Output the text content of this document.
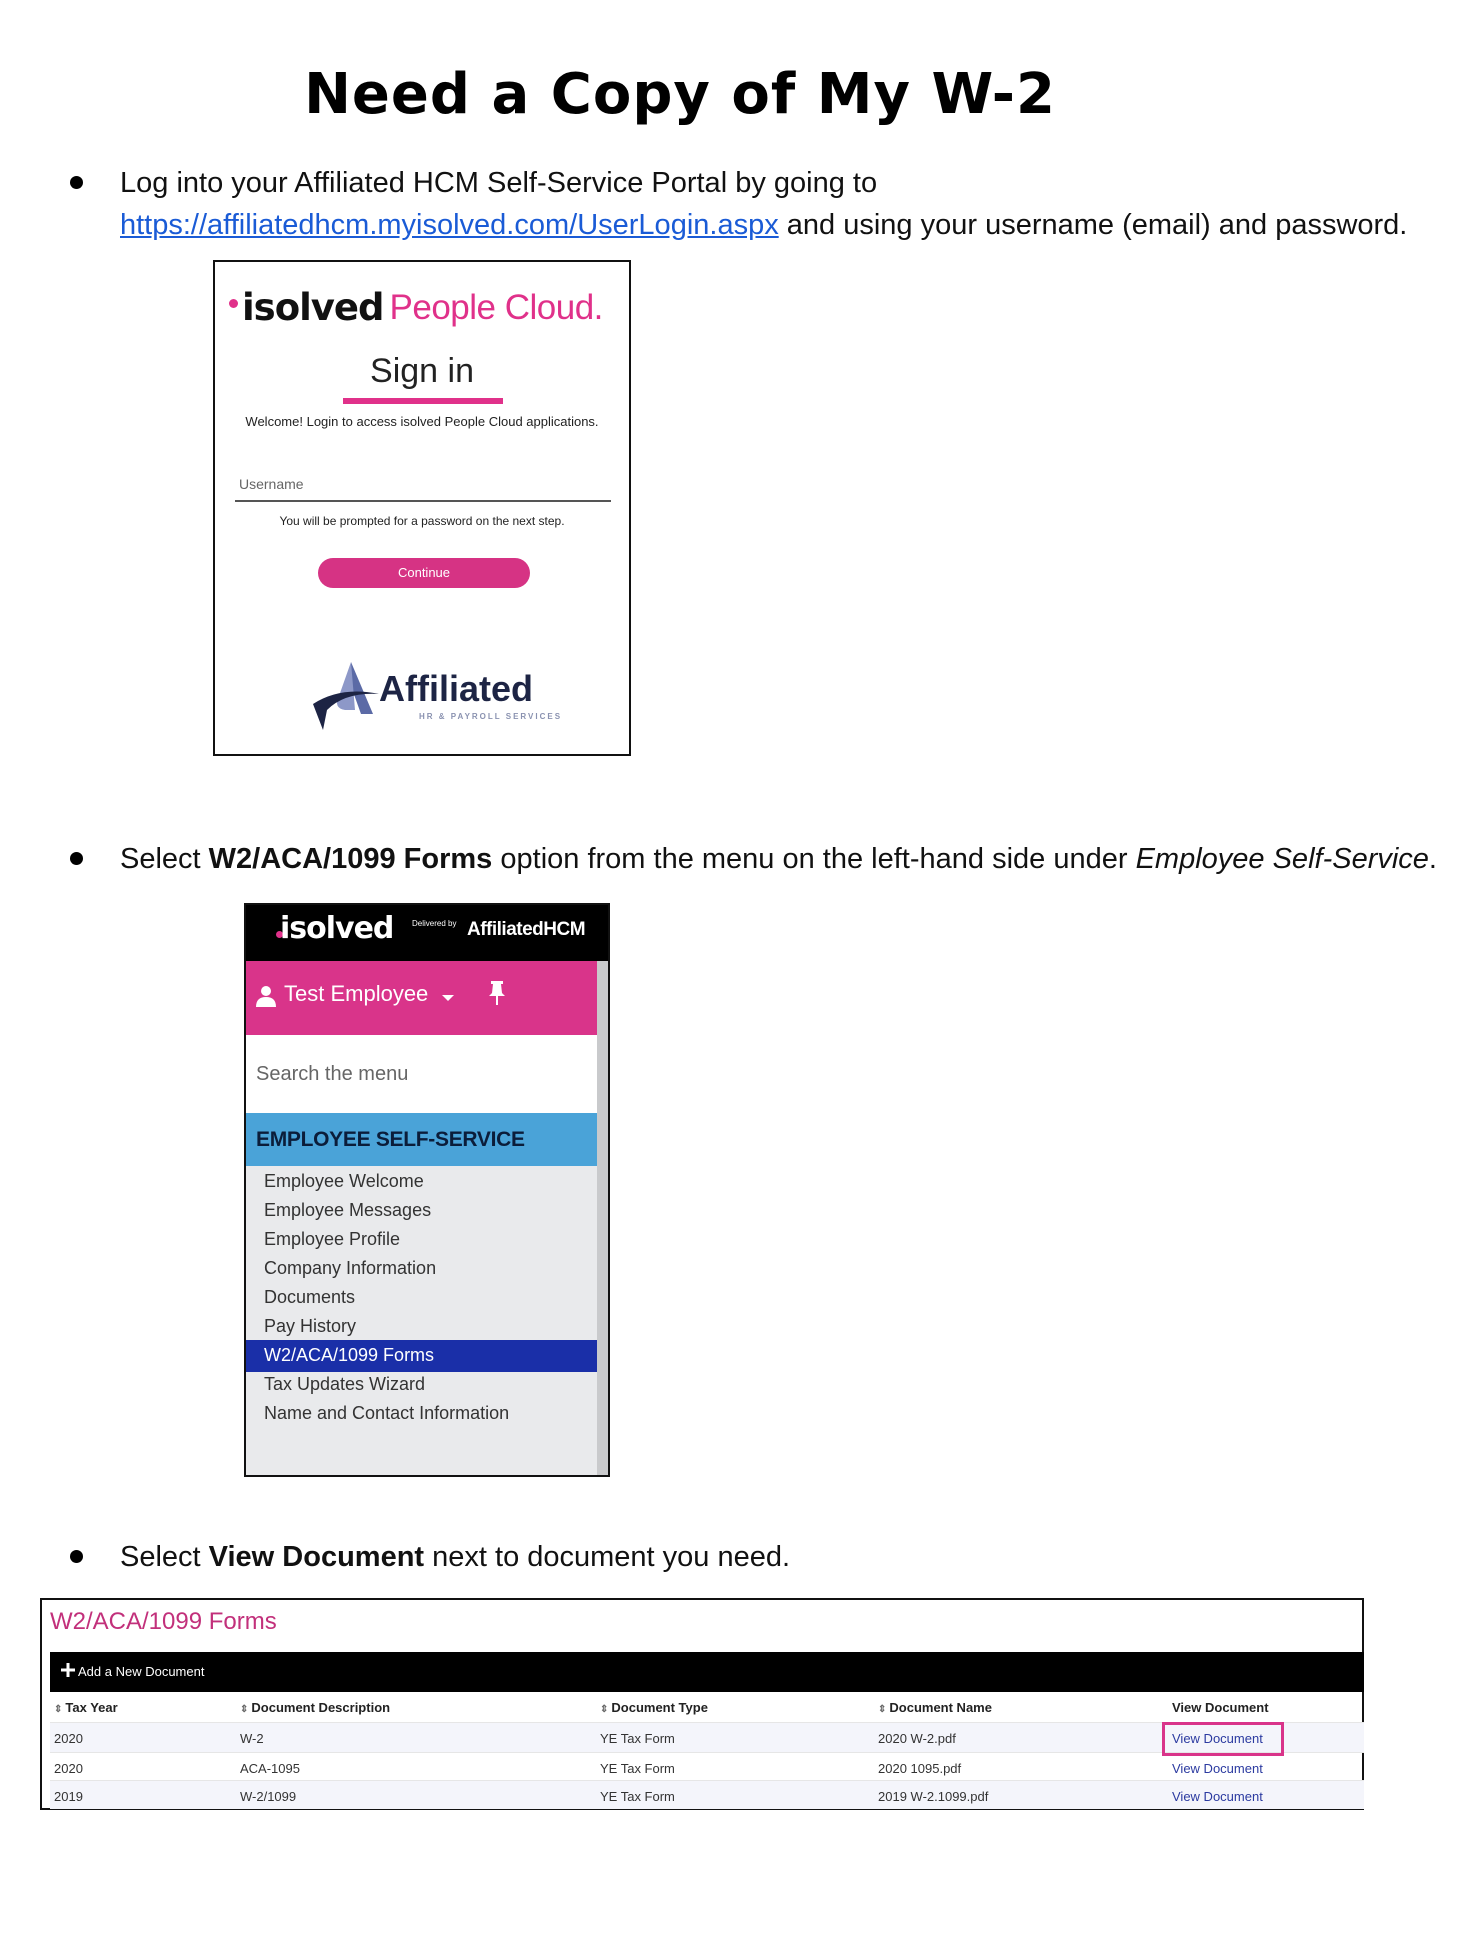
Need a Copy of My W-2
Log into your Affiliated HCM Self-Service Portal by going to
https://affiliatedhcm.myisolved.com/UserLogin.aspx and using your username (email) and password.
isolved People Cloud.
Sign in
Welcome! Login to access isolved People Cloud applications.
Username
You will be prompted for a password on the next step.
Continue
Affiliated
HR & PAYROLL SERVICES
Select W2/ACA/1099 Forms option from the menu on the left-hand side under Employee Self-Service.
isolved Delivered by AffiliatedHCM
Test Employee
Search the menu
EMPLOYEE SELF-SERVICE
Employee Welcome
Employee Messages
Employee Profile
Company Information
Documents
Pay History
W2/ACA/1099 Forms
Tax Updates Wizard
Name and Contact Information
Select View Document next to document you need.
W2/ACA/1099 Forms
Add a New Document
⇕ Tax Year	⇕ Document Description	⇕ Document Type	⇕ Document Name	View Document
2020	W-2	YE Tax Form	2020 W-2.pdf	View Document
2020	ACA-1095	YE Tax Form	2020 1095.pdf	View Document
2019	W-2/1099	YE Tax Form	2019 W-2.1099.pdf	View Document
